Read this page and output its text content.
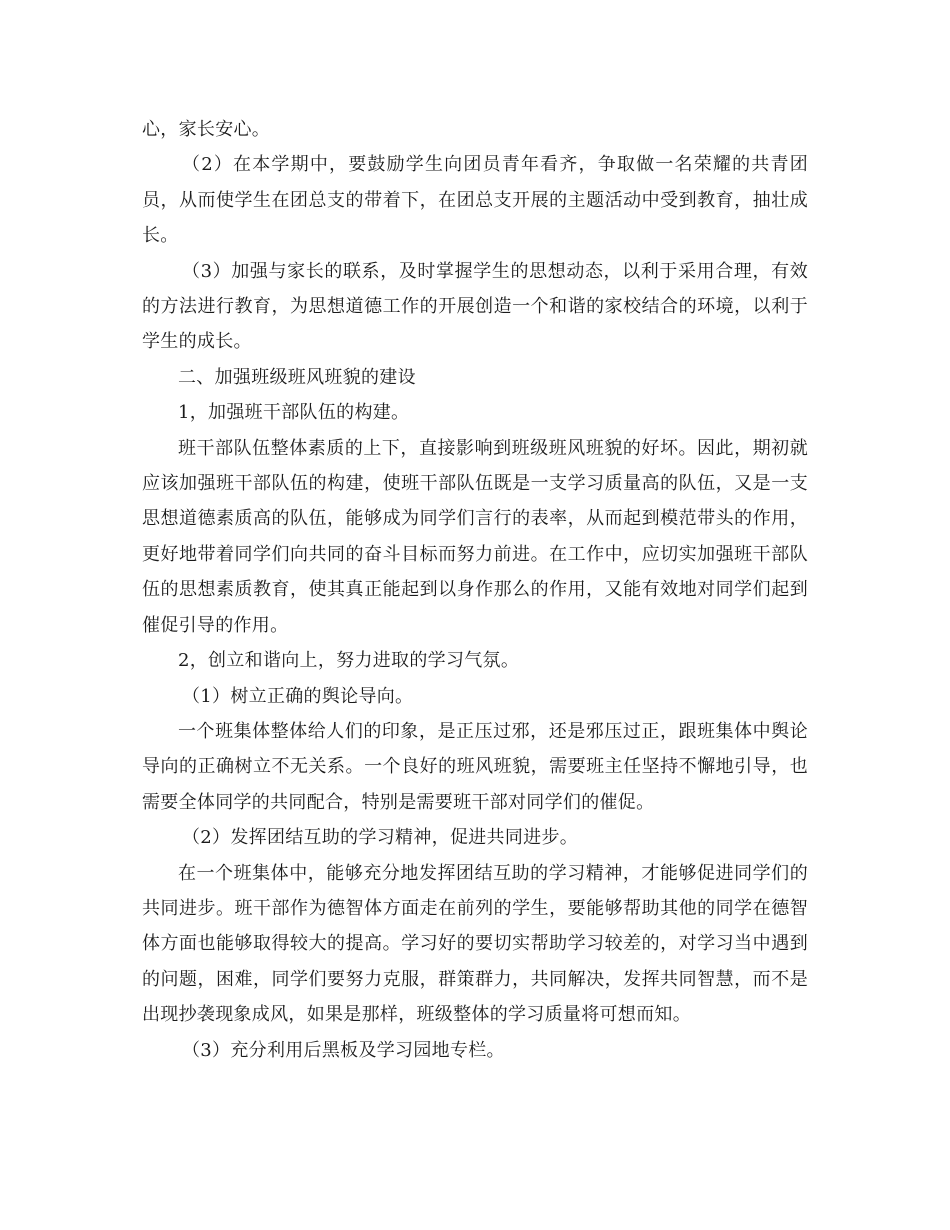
心，家长安心。

（2）在本学期中，要鼓励学生向团员青年看齐，争取做一名荣耀的共青团员，从而使学生在团总支的带着下，在团总支开展的主题活动中受到教育，抽壮成长。

（3）加强与家长的联系，及时掌握学生的思想动态，以利于采用合理，有效的方法进行教育，为思想道德工作的开展创造一个和谐的家校结合的环境，以利于学生的成长。

二、加强班级班风班貌的建设

1，加强班干部队伍的构建。

班干部队伍整体素质的上下，直接影响到班级班风班貌的好坏。因此，期初就应该加强班干部队伍的构建，使班干部队伍既是一支学习质量高的队伍，又是一支思想道德素质高的队伍，能够成为同学们言行的表率，从而起到模范带头的作用，更好地带着同学们向共同的奋斗目标而努力前进。在工作中，应切实加强班干部队伍的思想素质教育，使其真正能起到以身作那么的作用，又能有效地对同学们起到催促引导的作用。

2，创立和谐向上，努力进取的学习气氛。

（1）树立正确的舆论导向。

一个班集体整体给人们的印象，是正压过邪，还是邪压过正，跟班集体中舆论导向的正确树立不无关系。一个良好的班风班貌，需要班主任坚持不懈地引导，也需要全体同学的共同配合，特别是需要班干部对同学们的催促。

（2）发挥团结互助的学习精神，促进共同进步。

在一个班集体中，能够充分地发挥团结互助的学习精神，才能够促进同学们的共同进步。班干部作为德智体方面走在前列的学生，要能够帮助其他的同学在德智体方面也能够取得较大的提高。学习好的要切实帮助学习较差的，对学习当中遇到的问题，困难，同学们要努力克服，群策群力，共同解决，发挥共同智慧，而不是出现抄袭现象成风，如果是那样，班级整体的学习质量将可想而知。

（3）充分利用后黑板及学习园地专栏。
